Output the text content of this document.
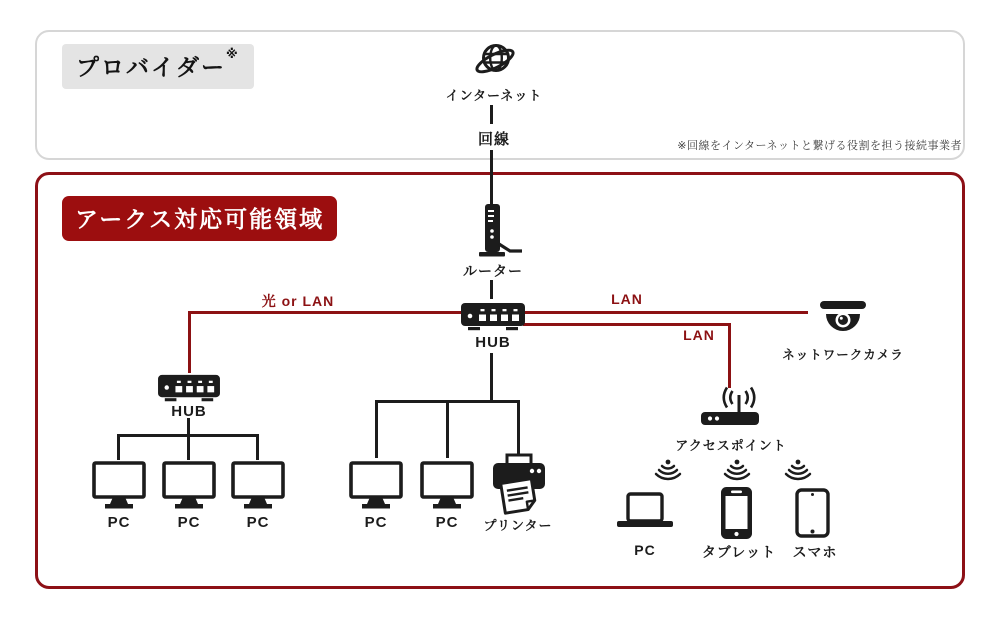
プロバイダー※
アークス対応可能領域
※回線をインターネットと繋げる役割を担う接続事業者
光 or LAN	LAN
LAN
インターネット
回線
ルーター
HUB
HUB
PC	PC	PC	PC	PC	プリンター
ネットワークカメラ
アクセスポイント
PC	タブレット	スマホ
